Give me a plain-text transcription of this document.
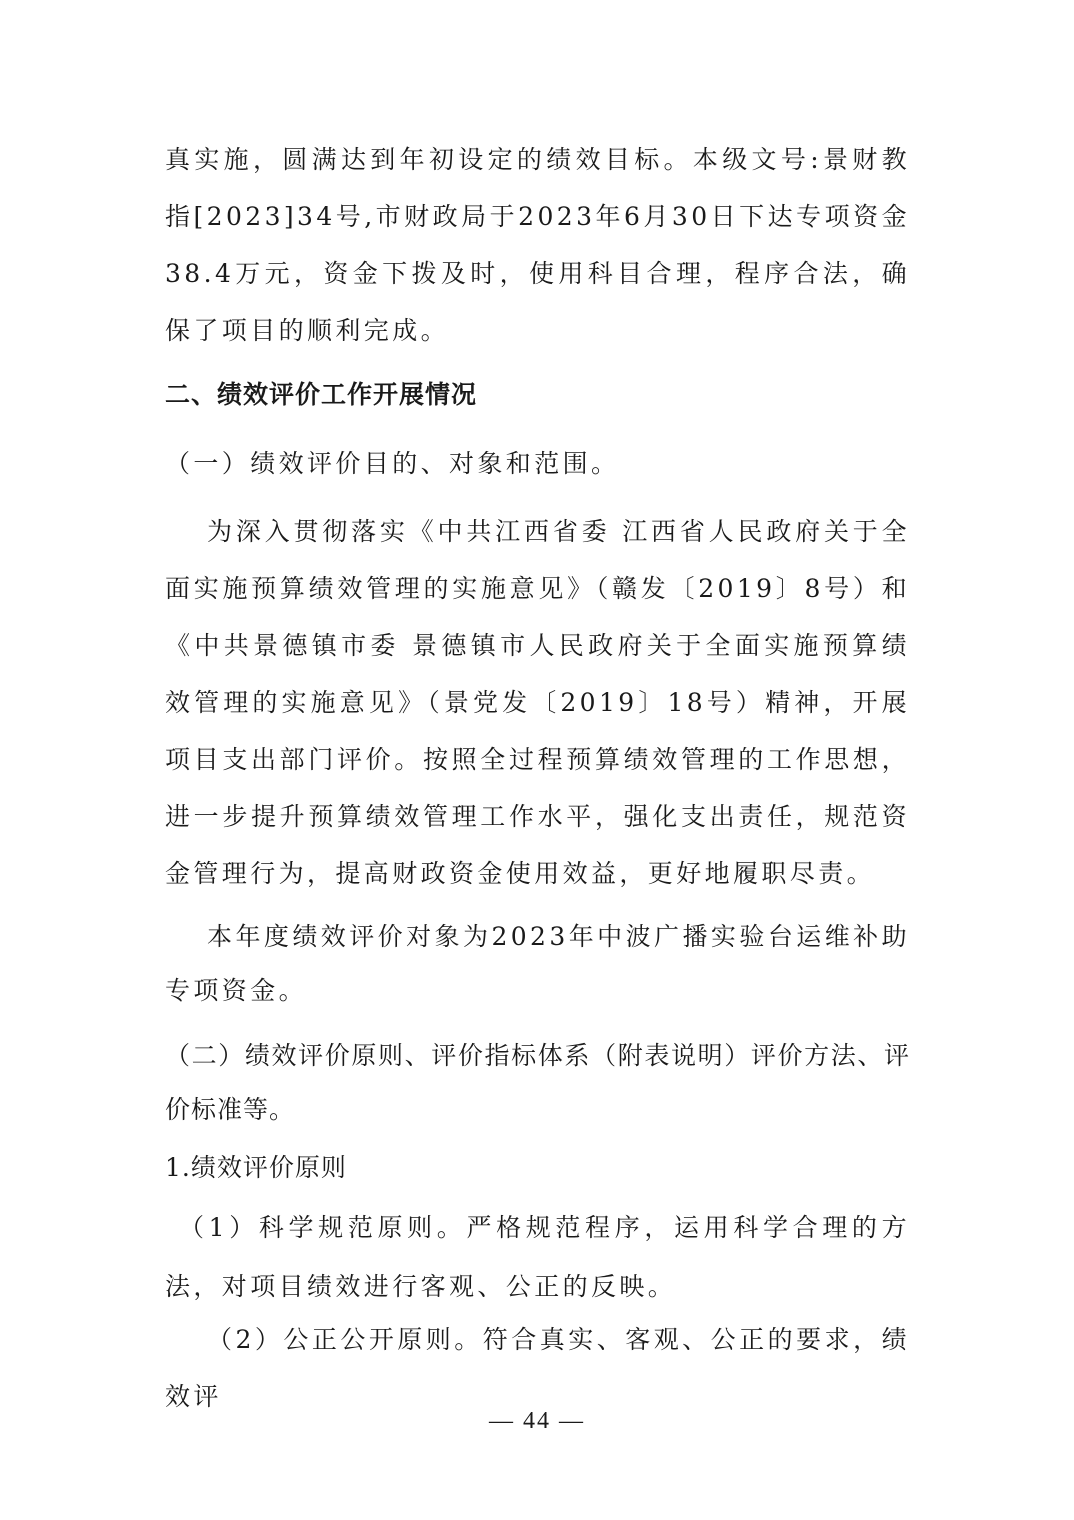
真实施，圆满达到年初设定的绩效目标。本级文号:景财教指[2023]34号,市财政局于2023年6月30日下达专项资金38.4万元，资金下拨及时，使用科目合理，程序合法，确保了项目的顺利完成。

二、绩效评价工作开展情况

（一）绩效评价目的、对象和范围。

为深入贯彻落实《中共江西省委 江西省人民政府关于全面实施预算绩效管理的实施意见》（赣发〔2019〕8号）和《中共景德镇市委 景德镇市人民政府关于全面实施预算绩效管理的实施意见》（景党发〔2019〕18号）精神，开展项目支出部门评价。按照全过程预算绩效管理的工作思想，进一步提升预算绩效管理工作水平，强化支出责任，规范资金管理行为，提高财政资金使用效益，更好地履职尽责。

本年度绩效评价对象为2023年中波广播实验台运维补助专项资金。

（二）绩效评价原则、评价指标体系（附表说明）评价方法、评价标准等。

1.绩效评价原则

（1）科学规范原则。严格规范程序，运用科学合理的方法，对项目绩效进行客观、公正的反映。

（2）公正公开原则。符合真实、客观、公正的要求，绩效评

— 44 —
